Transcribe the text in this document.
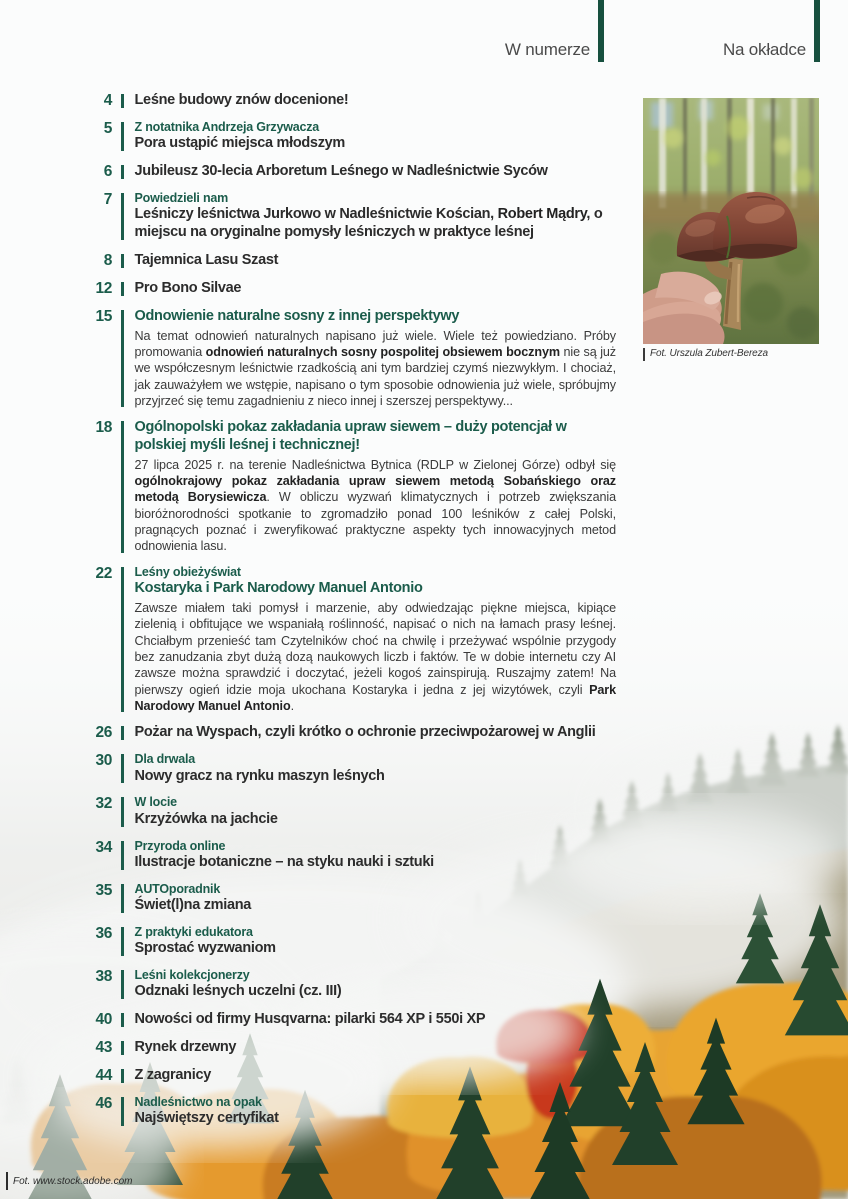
W numerze	Na okładce
4 Leśne budowy znów docenione!
5 Z notatnika Andrzeja Grzywacza
Pora ustąpić miejsca młodszym
6 Jubileusz 30-lecia Arboretum Leśnego w Nadleśnictwie Syców
7 Powiedzieli nam
Leśniczy leśnictwa Jurkowo w Nadleśnictwie Kościan, Robert Mądry, o miejscu na oryginalne pomysły leśniczych w praktyce leśnej
8 Tajemnica Lasu Szast
12 Pro Bono Silvae
15 Odnowienie naturalne sosny z innej perspektywy
Na temat odnowień naturalnych napisano już wiele. Wiele też powiedziano. Próby promowania odnowień naturalnych sosny pospolitej obsiewem bocznym nie są już we współczesnym leśnictwie rzadkością ani tym bardziej czymś niezwykłym. I chociaż, jak zauważyłem we wstępie, napisano o tym sposobie odnowienia już wiele, spróbujmy przyjrzeć się temu zagadnieniu z nieco innej i szerszej perspektywy...
18 Ogólnopolski pokaz zakładania upraw siewem – duży potencjał w polskiej myśli leśnej i technicznej!
27 lipca 2025 r. na terenie Nadleśnictwa Bytnica (RDLP w Zielonej Górze) odbył się ogólnokrajowy pokaz zakładania upraw siewem metodą Sobańskiego oraz metodą Borysiewicza. W obliczu wyzwań klimatycznych i potrzeb zwiększania bioróżnorodności spotkanie to zgromadziło ponad 100 leśników z całej Polski, pragnących poznać i zweryfikować praktyczne aspekty tych innowacyjnych metod odnowienia lasu.
22 Leśny obieżyświat
Kostaryka i Park Narodowy Manuel Antonio
Zawsze miałem taki pomysł i marzenie, aby odwiedzając piękne miejsca, kipiące zielenią i obfitujące we wspaniałą roślinność, napisać o nich na łamach prasy leśnej. Chciałbym przenieść tam Czytelników choć na chwilę i przeżywać wspólnie przygody bez zanudzania zbyt dużą dozą naukowych liczb i faktów. Te w dobie internetu czy AI zawsze można sprawdzić i doczytać, jeżeli kogoś zainspirują. Ruszajmy zatem! Na pierwszy ogień idzie moja ukochana Kostaryka i jedna z jej wizytówek, czyli Park Narodowy Manuel Antonio.
26 Pożar na Wyspach, czyli krótko o ochronie przeciwpożarowej w Anglii
30 Dla drwala
Nowy gracz na rynku maszyn leśnych
32 W locie
Krzyżówka na jachcie
34 Przyroda online
Ilustracje botaniczne – na styku nauki i sztuki
35 AUTOporadnik
Świet(l)na zmiana
36 Z praktyki edukatora
Sprostać wyzwaniom
38 Leśni kolekcjonerzy
Odznaki leśnych uczelni (cz. III)
40 Nowości od firmy Husqvarna: pilarki 564 XP i 550i XP
43 Rynek drzewny
44 Z zagranicy
46 Nadleśnictwo na opak
Najświętszy certyfikat
Fot. Urszula Zubert-Bereza
Fot. www.stock.adobe.com
